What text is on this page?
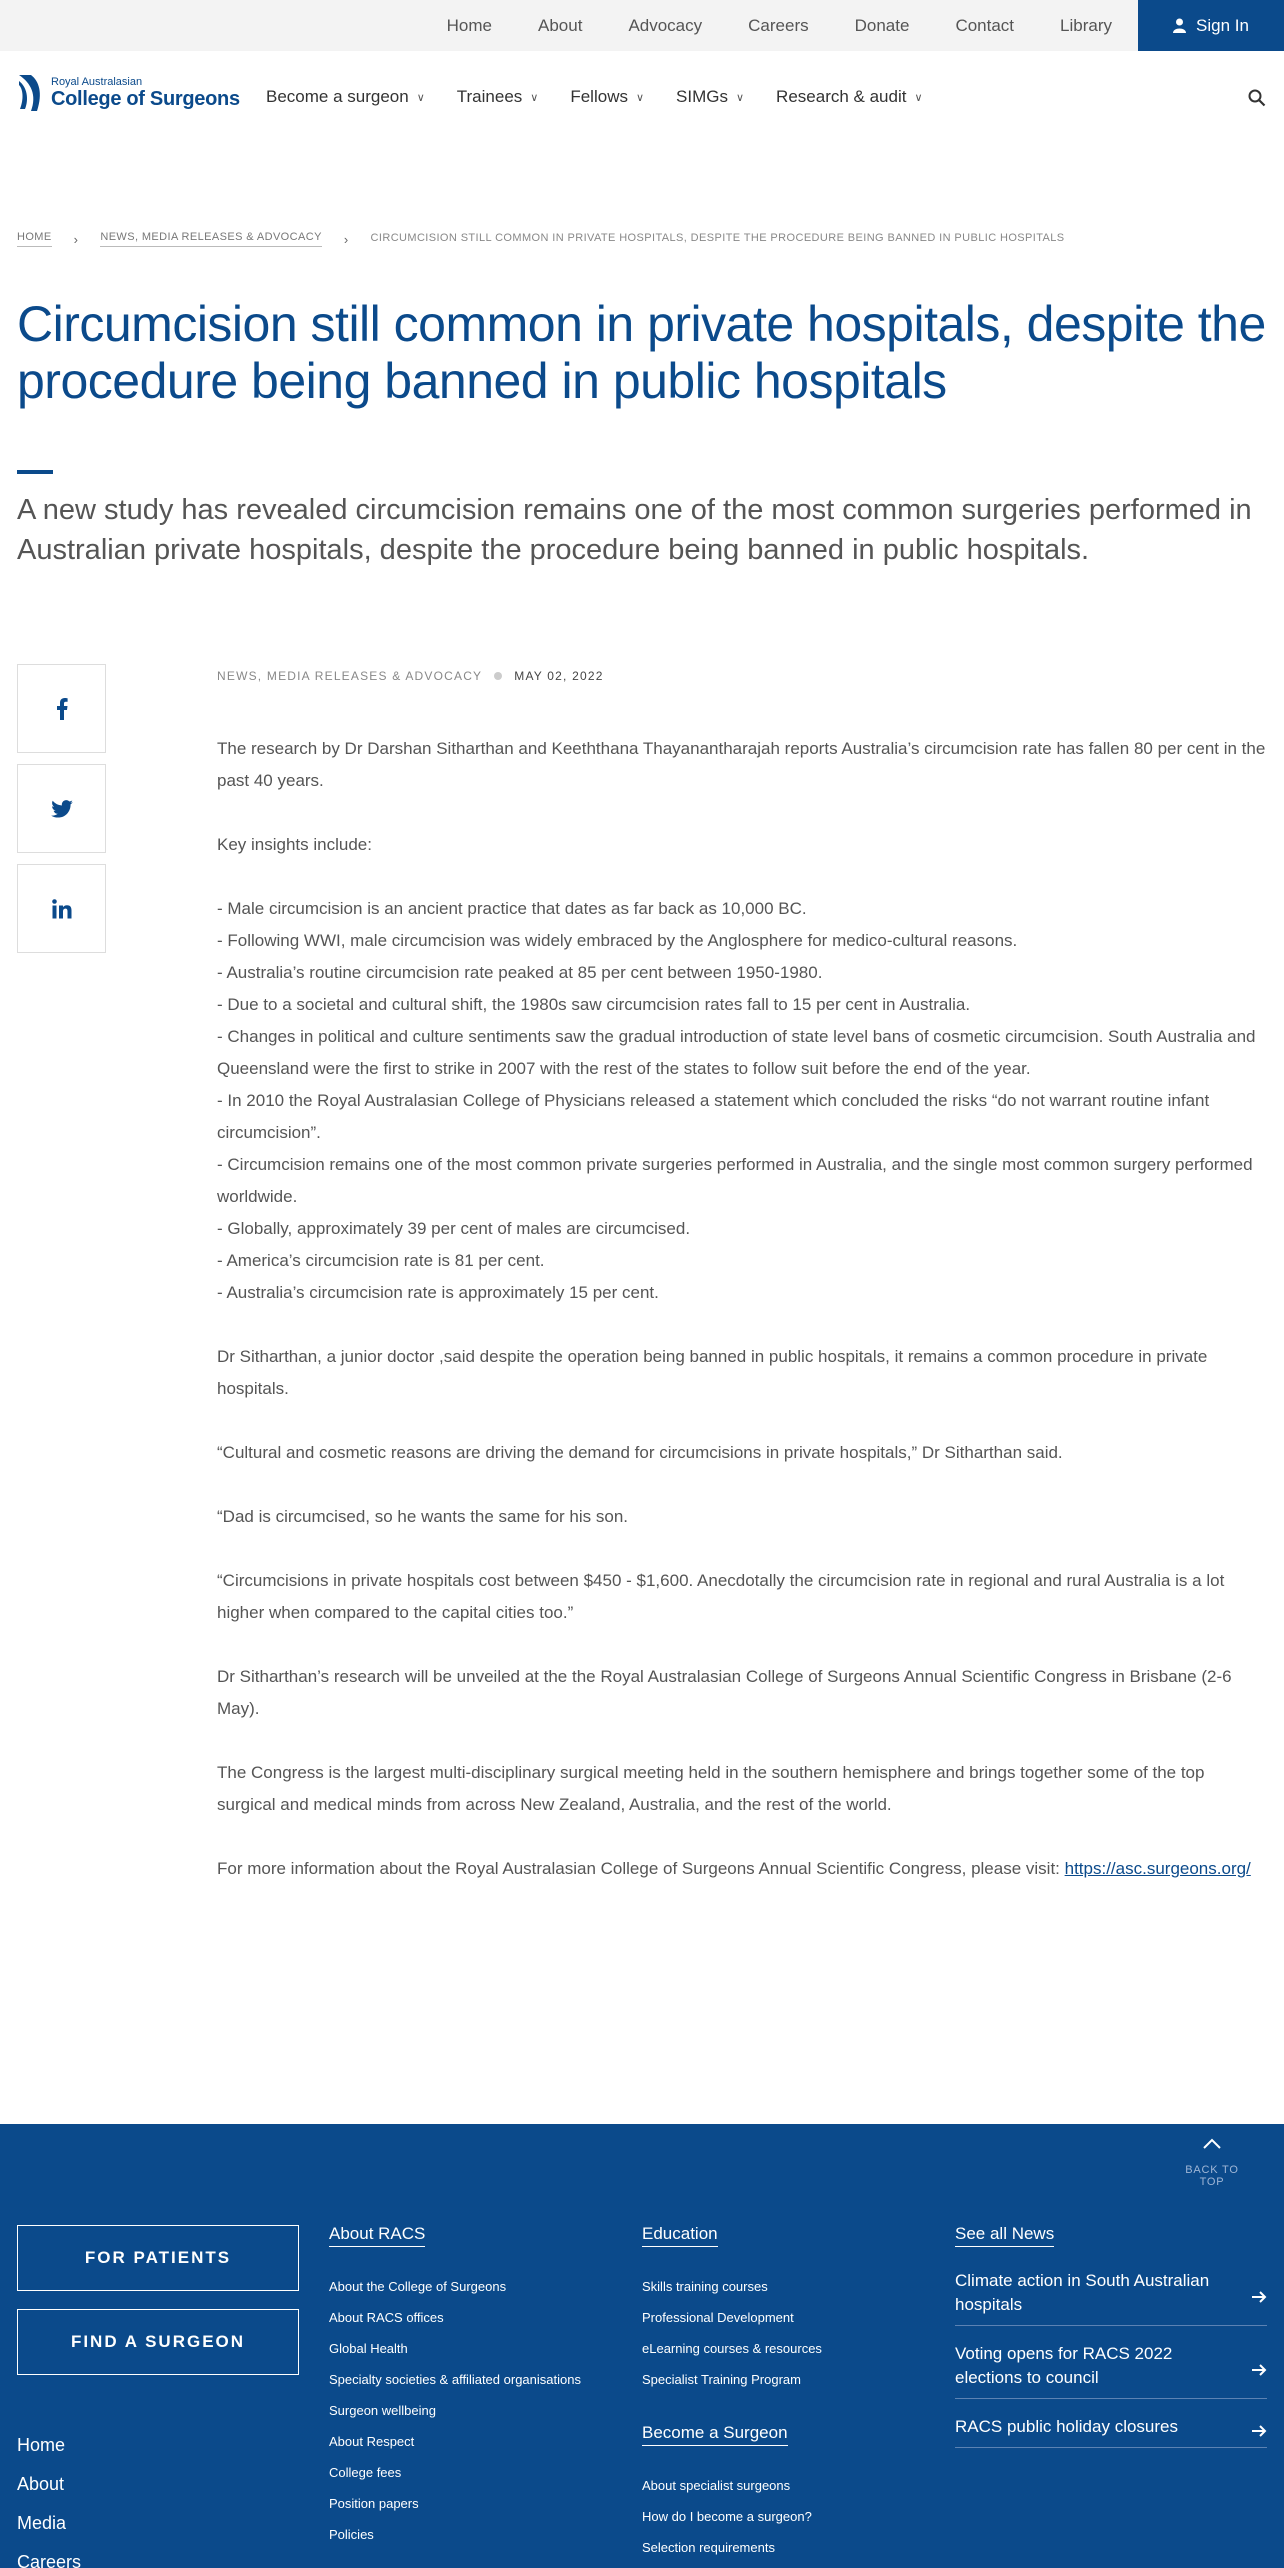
Home	About	Advocacy	Careers	Donate	Contact	Library	Sign In
Royal Australasian
College of Surgeons Become a surgeon ∨ Trainees ∨ Fellows ∨ SIMGs ∨ Research & audit ∨
HOME › NEWS, MEDIA RELEASES & ADVOCACY › CIRCUMCISION STILL COMMON IN PRIVATE HOSPITALS, DESPITE THE PROCEDURE BEING BANNED IN PUBLIC HOSPITALS
Circumcision still common in private hospitals, despite the procedure being banned in public hospitals

A new study has revealed circumcision remains one of the most common surgeries performed in Australian private hospitals, despite the procedure being banned in public hospitals.

NEWS, MEDIA RELEASES & ADVOCACY	MAY 02, 2022

The research by Dr Darshan Sitharthan and Keeththana Thayanantharajah reports Australia’s circumcision rate has fallen 80 per cent in the past 40 years.

Key insights include:

- Male circumcision is an ancient practice that dates as far back as 10,000 BC.
- Following WWI, male circumcision was widely embraced by the Anglosphere for medico-cultural reasons.
- Australia’s routine circumcision rate peaked at 85 per cent between 1950-1980.
- Due to a societal and cultural shift, the 1980s saw circumcision rates fall to 15 per cent in Australia.
- Changes in political and culture sentiments saw the gradual introduction of state level bans of cosmetic circumcision. South Australia and Queensland were the first to strike in 2007 with the rest of the states to follow suit before the end of the year.
- In 2010 the Royal Australasian College of Physicians released a statement which concluded the risks “do not warrant routine infant circumcision”.
- Circumcision remains one of the most common private surgeries performed in Australia, and the single most common surgery performed worldwide.
- Globally, approximately 39 per cent of males are circumcised.
- America’s circumcision rate is 81 per cent.
- Australia’s circumcision rate is approximately 15 per cent.

Dr Sitharthan, a junior doctor ,said despite the operation being banned in public hospitals, it remains a common procedure in private hospitals.

“Cultural and cosmetic reasons are driving the demand for circumcisions in private hospitals,” Dr Sitharthan said.

“Dad is circumcised, so he wants the same for his son.

“Circumcisions in private hospitals cost between $450 - $1,600. Anecdotally the circumcision rate in regional and rural Australia is a lot higher when compared to the capital cities too.”

Dr Sitharthan’s research will be unveiled at the the Royal Australasian College of Surgeons Annual Scientific Congress in Brisbane (2-6 May).

The Congress is the largest multi-disciplinary surgical meeting held in the southern hemisphere and brings together some of the top surgical and medical minds from across New Zealand, Australia, and the rest of the world.

For more information about the Royal Australasian College of Surgeons Annual Scientific Congress, please visit: https://asc.surgeons.org/

BACK TO TOP
FOR PATIENTS
FIND A SURGEON
Home
About
Media
Careers
About RACS
About the College of Surgeons
About RACS offices
Global Health
Specialty societies & affiliated organisations
Surgeon wellbeing
About Respect
College fees
Position papers
Policies
Education
Skills training courses
Professional Development
eLearning courses & resources
Specialist Training Program
Become a Surgeon
About specialist surgeons
How do I become a surgeon?
Selection requirements
See all News
Climate action in South Australian hospitals
Voting opens for RACS 2022 elections to council
RACS public holiday closures
